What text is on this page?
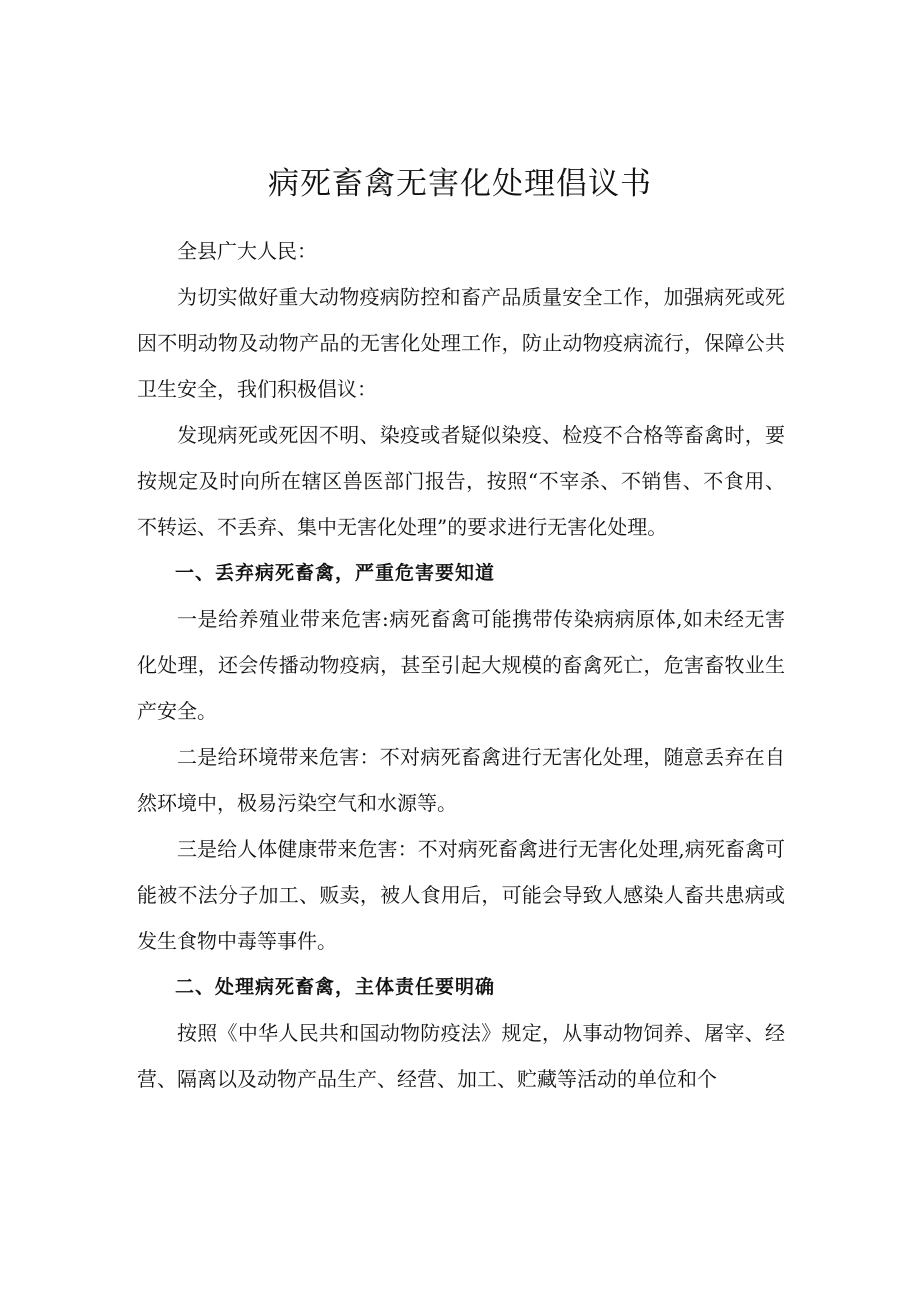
病死畜禽无害化处理倡议书

全县广大人民：

为切实做好重大动物疫病防控和畜产品质量安全工作，加强病死或死因不明动物及动物产品的无害化处理工作，防止动物疫病流行，保障公共卫生安全，我们积极倡议：

发现病死或死因不明、染疫或者疑似染疫、检疫不合格等畜禽时，要按规定及时向所在辖区兽医部门报告，按照“不宰杀、不销售、不食用、不转运、不丢弃、集中无害化处理”的要求进行无害化处理。

一、丢弃病死畜禽，严重危害要知道

一是给养殖业带来危害:病死畜禽可能携带传染病病原体,如未经无害化处理，还会传播动物疫病，甚至引起大规模的畜禽死亡，危害畜牧业生产安全。

二是给环境带来危害：不对病死畜禽进行无害化处理，随意丢弃在自然环境中，极易污染空气和水源等。

三是给人体健康带来危害：不对病死畜禽进行无害化处理,病死畜禽可能被不法分子加工、贩卖，被人食用后，可能会导致人感染人畜共患病或发生食物中毒等事件。

二、处理病死畜禽，主体责任要明确

按照《中华人民共和国动物防疫法》规定，从事动物饲养、屠宰、经营、隔离以及动物产品生产、经营、加工、贮藏等活动的单位和个
